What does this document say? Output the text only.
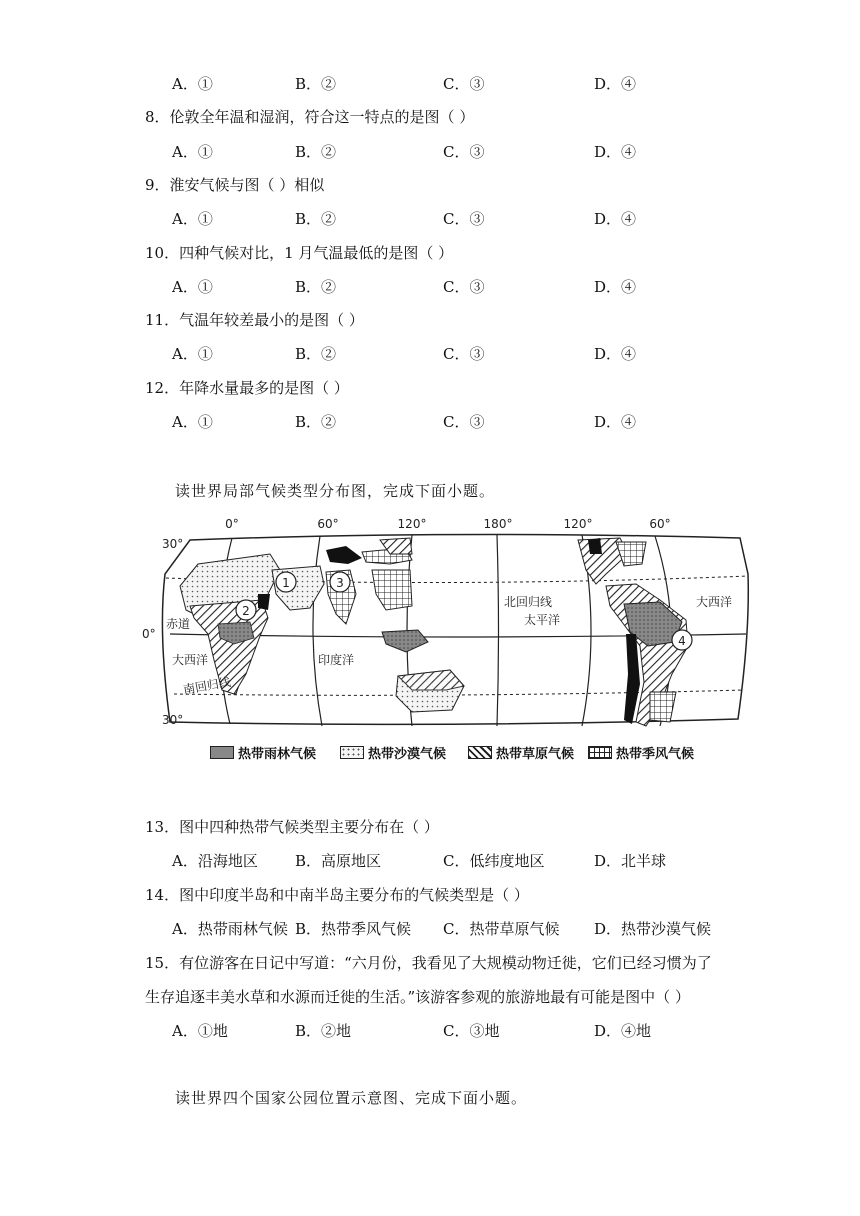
A．①	B．②	C．③	D．④
8．伦敦全年温和湿润，符合这一特点的是图（ ）
A．①	B．②	C．③	D．④
9．淮安气候与图（ ）相似
A．①	B．②	C．③	D．④
10．四种气候对比，1 月气温最低的是图（ ）
A．①	B．②	C．③	D．④
11．气温年较差最小的是图（ ）
A．①	B．②	C．③	D．④
12．年降水量最多的是图（ ）
A．①	B．②	C．③	D．④
读世界局部气候类型分布图，完成下面小题。
0°	60°	120°	180°	120°	60°
30°
0°
30°
北回归线
太平洋
大西洋
大西洋	印度洋
赤道
南回归线
1
2
3
4
热带雨林气候	热带沙漠气候	热带草原气候	热带季风气候
13．图中四种热带气候类型主要分布在（ ）
A．沿海地区 B．高原地区	C．低纬度地区	D．北半球
14．图中印度半岛和中南半岛主要分布的气候类型是（ ）
A．热带雨林气候 B．热带季风气候 C．热带草原气候 D．热带沙漠气候
15．有位游客在日记中写道：“六月份，我看见了大规模动物迁徙，它们已经习惯为了
生存追逐丰美水草和水源而迁徙的生活。”该游客参观的旅游地最有可能是图中（ ）
A．①地	B．②地	C．③地	D．④地
读世界四个国家公园位置示意图、完成下面小题。
